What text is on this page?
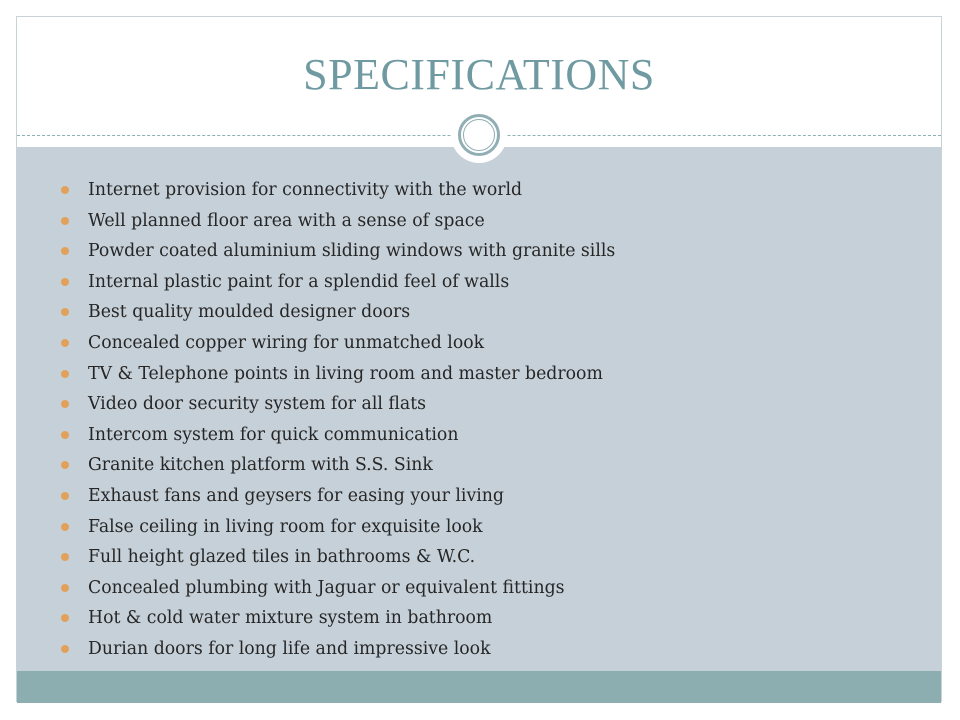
SPECIFICATIONS
Internet provision for connectivity with the world
Well planned floor area with a sense of space
Powder coated aluminium sliding windows with granite sills
Internal plastic paint for a splendid feel of walls
Best quality moulded designer doors
Concealed copper wiring for unmatched look
TV & Telephone points in living room and master bedroom
Video door security system for all flats
Intercom system for quick communication
Granite kitchen platform with S.S. Sink
Exhaust fans and geysers for easing your living
False ceiling in living room for exquisite look
Full height glazed tiles in bathrooms & W.C.
Concealed plumbing with Jaguar or equivalent fittings
Hot & cold water mixture system in bathroom
Durian doors for long life and impressive look
